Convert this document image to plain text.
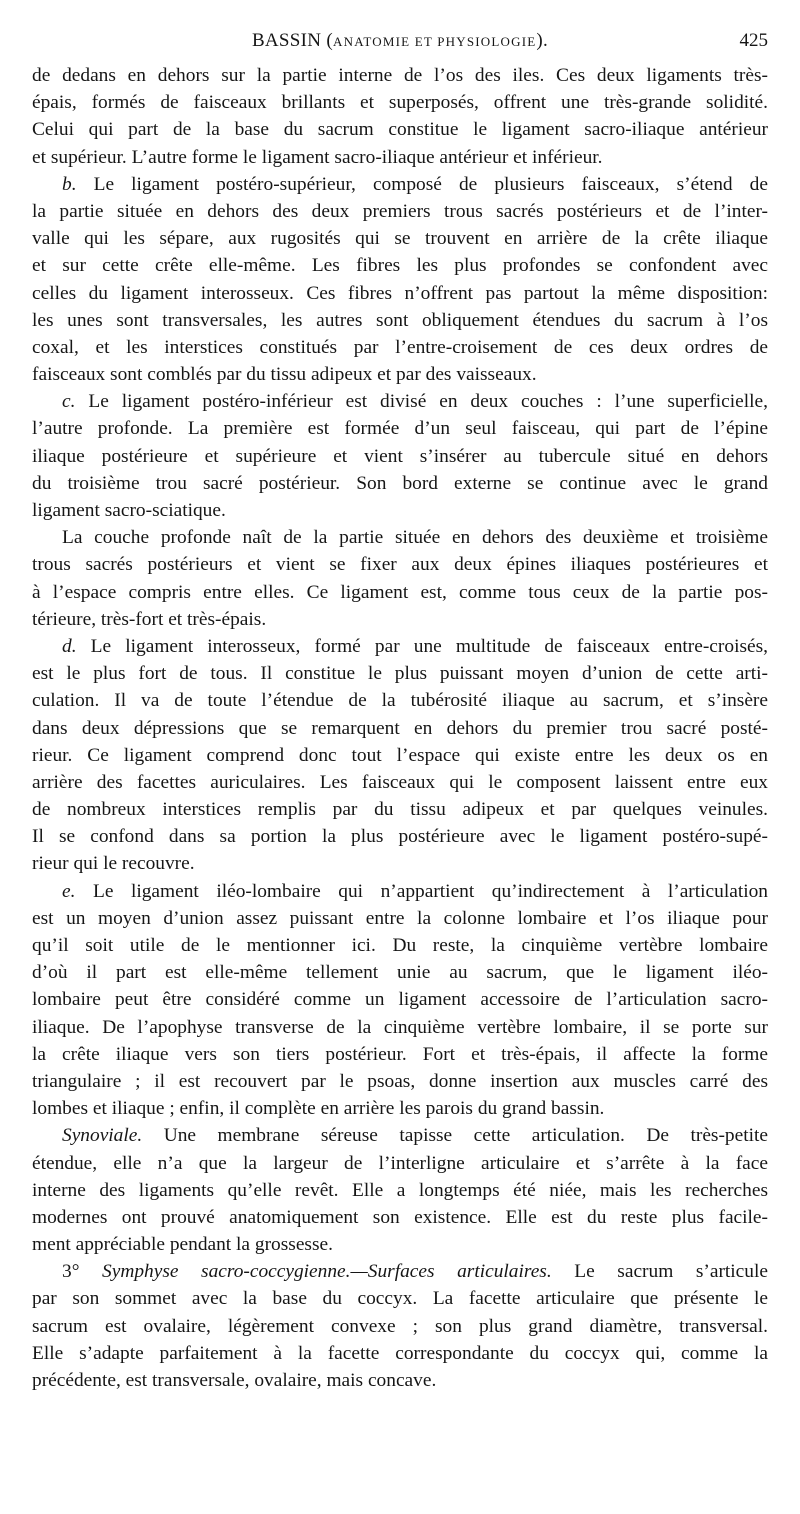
BASSIN (ANATOMIE ET PHYSIOLOGIE).	425
de dedans en dehors sur la partie interne de l’os des iles. Ces deux ligaments très-
épais, formés de faisceaux brillants et superposés, offrent une très-grande solidité.
Celui qui part de la base du sacrum constitue le ligament sacro-iliaque antérieur
et supérieur. L’autre forme le ligament sacro-iliaque antérieur et inférieur.
b. Le ligament postéro-supérieur, composé de plusieurs faisceaux, s’étend de
la partie située en dehors des deux premiers trous sacrés postérieurs et de l’inter-
valle qui les sépare, aux rugosités qui se trouvent en arrière de la crête iliaque
et sur cette crête elle-même. Les fibres les plus profondes se confondent avec
celles du ligament interosseux. Ces fibres n’offrent pas partout la même disposition:
les unes sont transversales, les autres sont obliquement étendues du sacrum à l’os
coxal, et les interstices constitués par l’entre-croisement de ces deux ordres de
faisceaux sont comblés par du tissu adipeux et par des vaisseaux.
c. Le ligament postéro-inférieur est divisé en deux couches : l’une superficielle,
l’autre profonde. La première est formée d’un seul faisceau, qui part de l’épine
iliaque postérieure et supérieure et vient s’insérer au tubercule situé en dehors
du troisième trou sacré postérieur. Son bord externe se continue avec le grand
ligament sacro-sciatique.
La couche profonde naît de la partie située en dehors des deuxième et troisième
trous sacrés postérieurs et vient se fixer aux deux épines iliaques postérieures et
à l’espace compris entre elles. Ce ligament est, comme tous ceux de la partie pos-
térieure, très-fort et très-épais.
d. Le ligament interosseux, formé par une multitude de faisceaux entre-croisés,
est le plus fort de tous. Il constitue le plus puissant moyen d’union de cette arti-
culation. Il va de toute l’étendue de la tubérosité iliaque au sacrum, et s’insère
dans deux dépressions que se remarquent en dehors du premier trou sacré posté-
rieur. Ce ligament comprend donc tout l’espace qui existe entre les deux os en
arrière des facettes auriculaires. Les faisceaux qui le composent laissent entre eux
de nombreux interstices remplis par du tissu adipeux et par quelques veinules.
Il se confond dans sa portion la plus postérieure avec le ligament postéro-supé-
rieur qui le recouvre.
e. Le ligament iléo-lombaire qui n’appartient qu’indirectement à l’articulation
est un moyen d’union assez puissant entre la colonne lombaire et l’os iliaque pour
qu’il soit utile de le mentionner ici. Du reste, la cinquième vertèbre lombaire
d’où il part est elle-même tellement unie au sacrum, que le ligament iléo-
lombaire peut être considéré comme un ligament accessoire de l’articulation sacro-
iliaque. De l’apophyse transverse de la cinquième vertèbre lombaire, il se porte sur
la crête iliaque vers son tiers postérieur. Fort et très-épais, il affecte la forme
triangulaire ; il est recouvert par le psoas, donne insertion aux muscles carré des
lombes et iliaque ; enfin, il complète en arrière les parois du grand bassin.
Synoviale. Une membrane séreuse tapisse cette articulation. De très-petite
étendue, elle n’a que la largeur de l’interligne articulaire et s’arrête à la face
interne des ligaments qu’elle revêt. Elle a longtemps été niée, mais les recherches
modernes ont prouvé anatomiquement son existence. Elle est du reste plus facile-
ment appréciable pendant la grossesse.
3° Symphyse sacro-coccygienne.—Surfaces articulaires. Le sacrum s’articule
par son sommet avec la base du coccyx. La facette articulaire que présente le
sacrum est ovalaire, légèrement convexe ; son plus grand diamètre, transversal.
Elle s’adapte parfaitement à la facette correspondante du coccyx qui, comme la
précédente, est transversale, ovalaire, mais concave.
